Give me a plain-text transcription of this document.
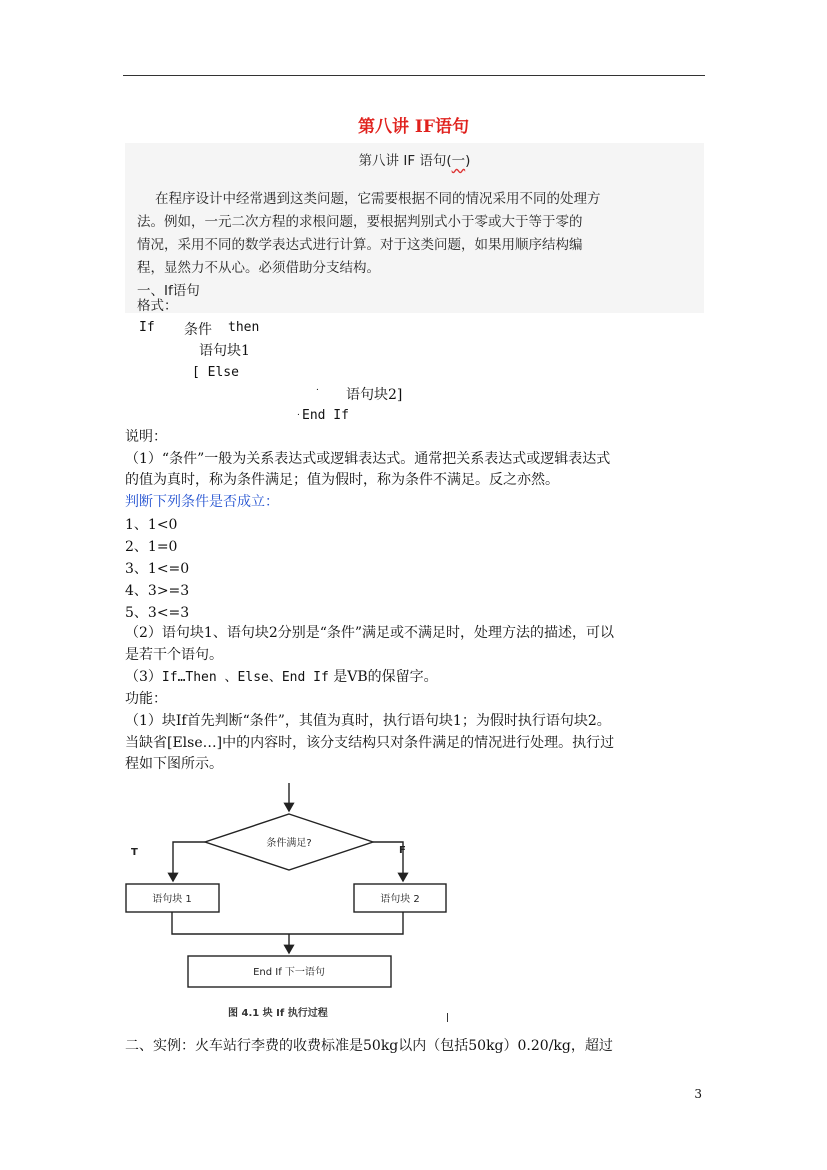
第八讲 IF语句
第八讲 IF 语句(一)
在程序设计中经常遇到这类问题，它需要根据不同的情况采用不同的处理方
法。例如，一元二次方程的求根问题，要根据判别式小于零或大于等于零的
情况，采用不同的数学表达式进行计算。对于这类问题，如果用顺序结构编
程，显然力不从心。必须借助分支结构。
一、If语句
格式：
If 条件 then
语句块1
[ Else
. 语句块2]
. End If
说明：
（1）“条件”一般为关系表达式或逻辑表达式。通常把关系表达式或逻辑表达式
的值为真时，称为条件满足；值为假时，称为条件不满足。反之亦然。
判断下列条件是否成立：
1、1<0
2、1=0
3、1<=0
4、3>=3
5、3<=3
（2）语句块1、语句块2分别是“条件”满足或不满足时，处理方法的描述，可以
是若干个语句。
（3）If…Then 、Else、End If 是VB的保留字。
功能：
（1）块If首先判断“条件”，其值为真时，执行语句块1；为假时执行语句块2。
当缺省[Else…]中的内容时，该分支结构只对条件满足的情况进行处理。执行过
程如下图所示。
条件满足?
T	F
语句块 1	语句块 2
End If 下一语句
图 4.1 块 If 执行过程
二、实例：火车站行李费的收费标准是50kg以内（包括50kg）0.20/kg，超过
3
